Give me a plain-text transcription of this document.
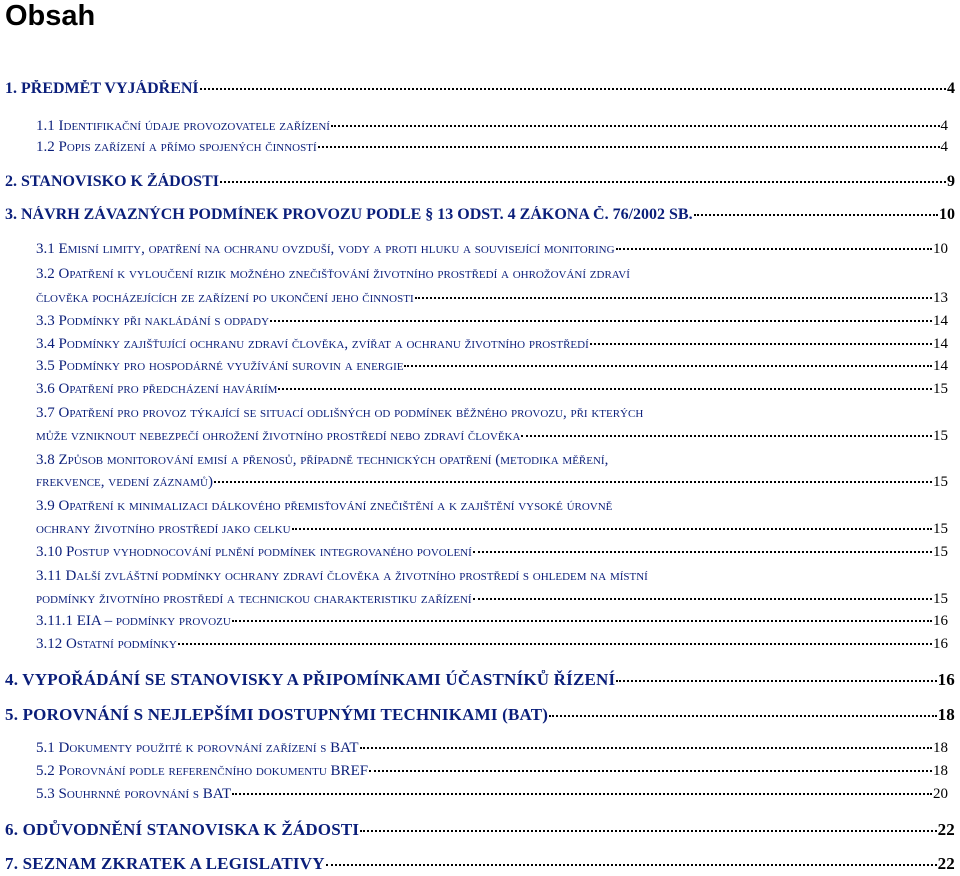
Obsah
1. PŘEDMĚT VYJÁDŘENÍ	4
1.1 Identifikační údaje provozovatele zařízení	4
1.2 Popis zařízení a přímo spojených činností	4
2. STANOVISKO K ŽÁDOSTI	9
3. NÁVRH ZÁVAZNÝCH PODMÍNEK PROVOZU PODLE § 13 ODST. 4 ZÁKONA Č. 76/2002 SB.	10
3.1 Emisní limity, opatření na ochranu ovzduší, vody a proti hluku a související monitoring	10
3.2 Opatření k vyloučení rizik možného znečišťování životního prostředí a ohrožování zdraví
člověka pocházejících ze zařízení po ukončení jeho činnosti	13
3.3 Podmínky při nakládání s odpady	14
3.4 Podmínky zajišťující ochranu zdraví člověka, zvířat a ochranu životního prostředí	14
3.5 Podmínky pro hospodárné využívání surovin a energie	14
3.6 Opatření pro předcházení haváriím	15
3.7 Opatření pro provoz týkající se situací odlišných od podmínek běžného provozu, při kterých
může vzniknout nebezpečí ohrožení životního prostředí nebo zdraví člověka	15
3.8 Způsob monitorování emisí a přenosů, případně technických opatření (metodika měření,
frekvence, vedení záznamů)	15
3.9 Opatření k minimalizaci dálkového přemisťování znečištění a k zajištění vysoké úrovně
ochrany životního prostředí jako celku	15
3.10 Postup vyhodnocování plnění podmínek integrovaného povolení	15
3.11 Další zvláštní podmínky ochrany zdraví člověka a životního prostředí s ohledem na místní
podmínky životního prostředí a technickou charakteristiku zařízení	15
3.11.1 EIA – podmínky provozu	16
3.12 Ostatní podmínky	16
4. VYPOŘÁDÁNÍ SE STANOVISKY A PŘIPOMÍNKAMI ÚČASTNÍKŮ ŘÍZENÍ	16
5. POROVNÁNÍ S NEJLEPŠÍMI DOSTUPNÝMI TECHNIKAMI (BAT)	18
5.1 Dokumenty použité k porovnání zařízení s BAT	18
5.2 Porovnání podle referenčního dokumentu BREF	18
5.3 Souhrnné porovnání s BAT	20
6. ODŮVODNĚNÍ STANOVISKA K ŽÁDOSTI	22
7. SEZNAM ZKRATEK A LEGISLATIVY	22
